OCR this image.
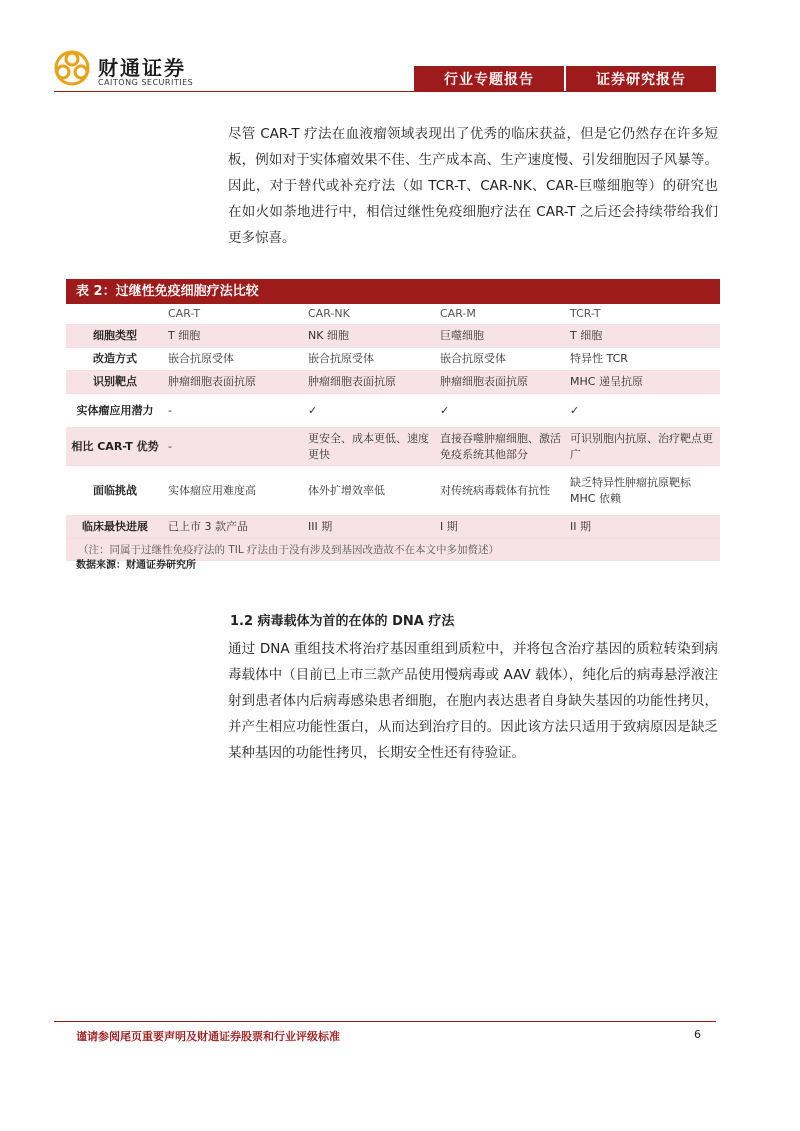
财通证券
CAITONG SECURITIES	行业专题报告	证券研究报告

尽管 CAR-T 疗法在血液瘤领域表现出了优秀的临床获益，但是它仍然存在许多短板，例如对于实体瘤效果不佳、生产成本高、生产速度慢、引发细胞因子风暴等。因此，对于替代或补充疗法（如 TCR-T、CAR-NK、CAR-巨噬细胞等）的研究也在如火如荼地进行中，相信过继性免疫细胞疗法在 CAR-T 之后还会持续带给我们更多惊喜。

表 2：过继性免疫细胞疗法比较
	CAR-T	CAR-NK	CAR-M	TCR-T
细胞类型	T 细胞	NK 细胞	巨噬细胞	T 细胞
改造方式	嵌合抗原受体	嵌合抗原受体	嵌合抗原受体	特异性 TCR
识别靶点	肿瘤细胞表面抗原	肿瘤细胞表面抗原	肿瘤细胞表面抗原	MHC 递呈抗原
实体瘤应用潜力	-	✓	✓	✓
相比 CAR-T 优势	-	更安全、成本更低、速度更快	直接吞噬肿瘤细胞、激活免疫系统其他部分	可识别胞内抗原、治疗靶点更广
面临挑战	实体瘤应用难度高	体外扩增效率低	对传统病毒载体有抗性	缺乏特异性肿瘤抗原靶标 MHC 依赖
临床最快进展	已上市 3 款产品	III 期	I 期	II 期
（注：同属于过继性免疫疗法的 TIL 疗法由于没有涉及到基因改造故不在本文中多加赘述）				
数据来源：财通证券研究所
1.2 病毒载体为首的在体的 DNA 疗法

通过 DNA 重组技术将治疗基因重组到质粒中，并将包含治疗基因的质粒转染到病毒载体中（目前已上市三款产品使用慢病毒或 AAV 载体），纯化后的病毒悬浮液注射到患者体内后病毒感染患者细胞，在胞内表达患者自身缺失基因的功能性拷贝，并产生相应功能性蛋白，从而达到治疗目的。因此该方法只适用于致病原因是缺乏某种基因的功能性拷贝，长期安全性还有待验证。

谨请参阅尾页重要声明及财通证券股票和行业评级标准	6
